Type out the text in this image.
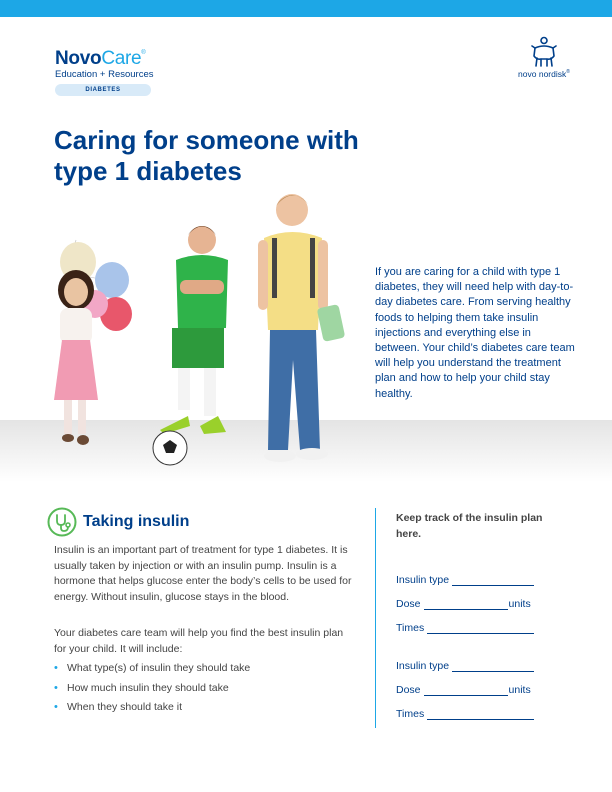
NovoCare®
Education + Resources
DIABETES
novo nordisk®
Caring for someone with
type 1 diabetes

If you are caring for a child with type 1 diabetes, they will need help with day-to-day diabetes care. From serving healthy foods to helping them take insulin injections and everything else in between. Your child’s diabetes care team will help you understand the treatment plan and how to help your child stay healthy.

Taking insulin

Insulin is an important part of treatment for type 1 diabetes. It is usually taken by injection or with an insulin pump. Insulin is a hormone that helps glucose enter the body’s cells to be used for energy. Without insulin, glucose stays in the blood.

Your diabetes care team will help you find the best insulin plan for your child. It will include:

• What type(s) of insulin they should take
• How much insulin they should take
• When they should take it

Keep track of the insulin plan here.

Insulin type
Dose	units
Times
Insulin type
Dose	units
Times
